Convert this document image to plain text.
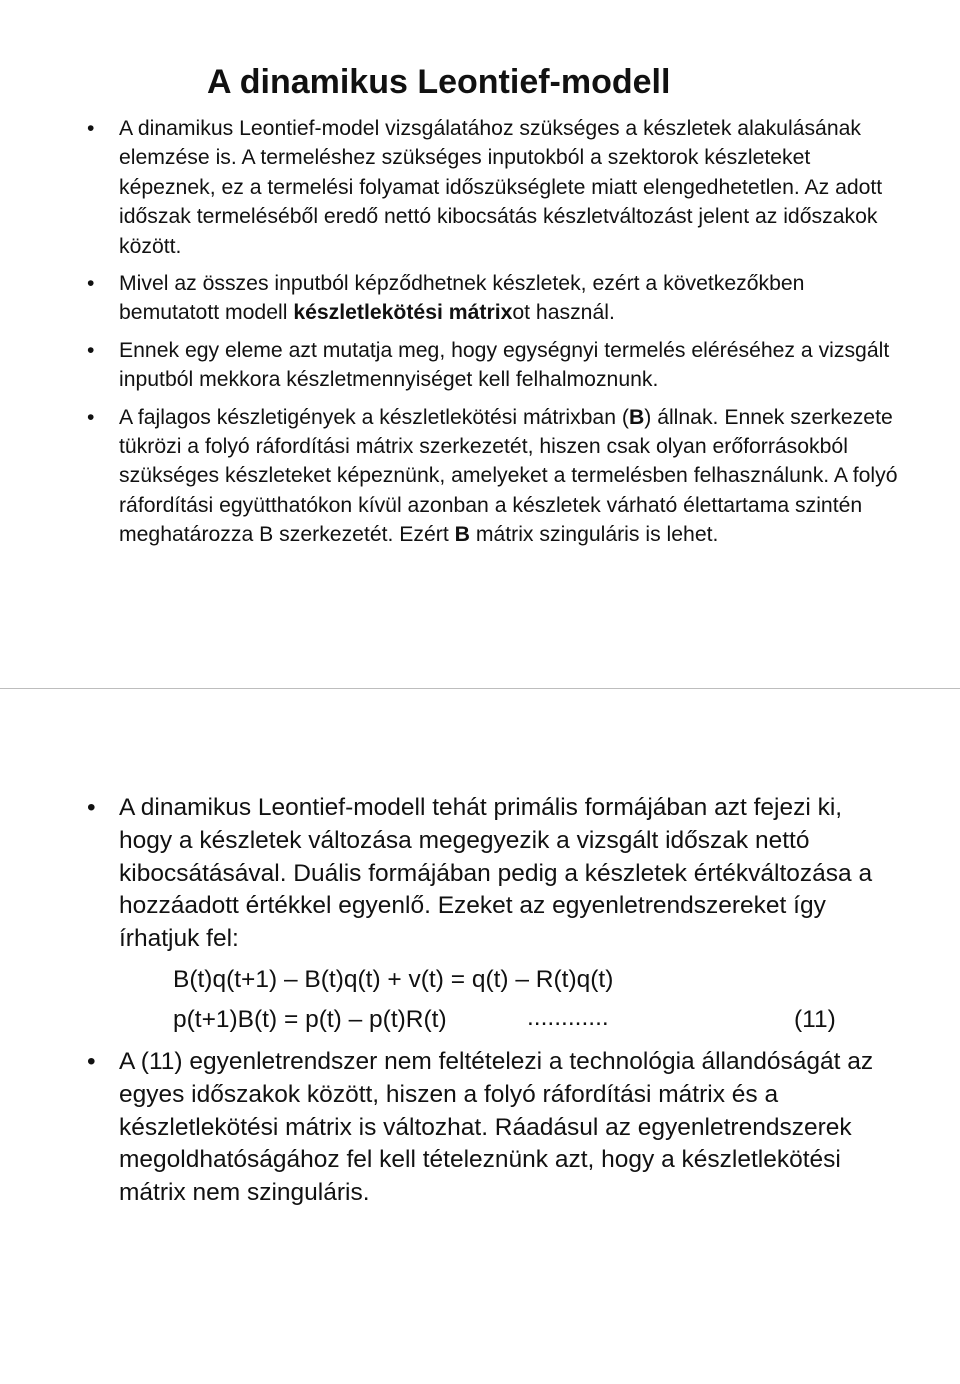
A dinamikus Leontief-modell
• A dinamikus Leontief-model vizsgálatához szükséges a készletek alakulásának elemzése is. A termeléshez szükséges inputokból a szektorok készleteket képeznek, ez a termelési folyamat időszükséglete miatt elengedhetetlen. Az adott időszak termeléséből eredő nettó kibocsátás készletváltozást jelent az időszakok között.
• Mivel az összes inputból képződhetnek készletek, ezért a következőkben bemutatott modell készletlekötési mátrixot használ.
• Ennek egy eleme azt mutatja meg, hogy egységnyi termelés eléréséhez a vizsgált inputból mekkora készletmennyiséget kell felhalmoznunk.
• A fajlagos készletigények a készletlekötési mátrixban (B) állnak. Ennek szerkezete tükrözi a folyó ráfordítási mátrix szerkezetét, hiszen csak olyan erőforrásokból szükséges készleteket képeznünk, amelyeket a termelésben felhasználunk. A folyó ráfordítási együtthatókon kívül azonban a készletek várható élettartama szintén meghatározza B szerkezetét. Ezért B mátrix szinguláris is lehet.
• A dinamikus Leontief-modell tehát primális formájában azt fejezi ki, hogy a készletek változása megegyezik a vizsgált időszak nettó kibocsátásával. Duális formájában pedig a készletek értékváltozása a hozzáadott értékkel egyenlő. Ezeket az egyenletrendszereket így írhatjuk fel:
B(t)q(t+1) – B(t)q(t) + v(t) = q(t) – R(t)q(t)
p(t+1)B(t) = p(t) – p(t)R(t)	............	(11)
• A (11) egyenletrendszer nem feltételezi a technológia állandóságát az egyes időszakok között, hiszen a folyó ráfordítási mátrix és a készletlekötési mátrix is változhat. Ráadásul az egyenletrendszerek megoldhatóságához fel kell tételeznünk azt, hogy a készletlekötési mátrix nem szinguláris.
